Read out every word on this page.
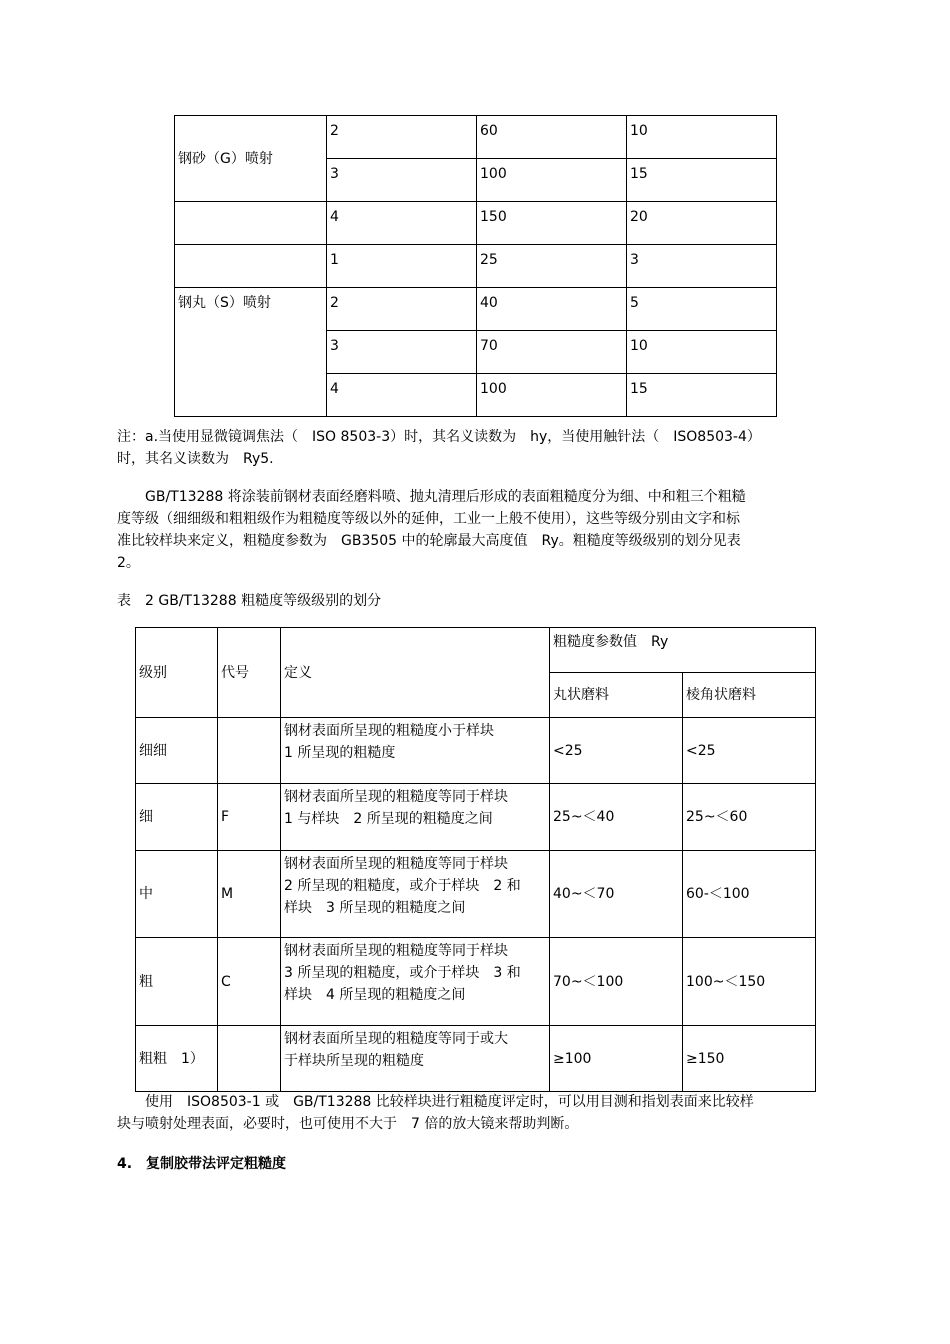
钢砂（G）喷射	2	60	10
	3	100	15
	4	150	20
	1	25	3
钢丸（S）喷射	2	40	5
	3	70	10
	4	100	15
注：a.当使用显微镜调焦法（　ISO 8503-3）时，其名义读数为　hy，当使用触针法（　ISO8503-4）
时，其名义读数为　Ry5.
　　GB/T13288 将涂装前钢材表面经磨料喷、抛丸清理后形成的表面粗糙度分为细、中和粗三个粗糙
度等级（细细级和粗粗级作为粗糙度等级以外的延伸，工业一上般不使用），这些等级分别由文字和标
准比较样块来定义，粗糙度参数为　GB3505 中的轮廓最大高度值　Ry。粗糙度等级级别的划分见表
2。
表　2 GB/T13288 粗糙度等级级别的划分
级别	代号	定义	粗糙度参数值　Ry	
			丸状磨料	棱角状磨料
细细		钢材表面所呈现的粗糙度小于样块
1 所呈现的粗糙度	<25	<25
细	F	钢材表面所呈现的粗糙度等同于样块
1 与样块　2 所呈现的粗糙度之间	25~＜40	25~＜60
中	M	钢材表面所呈现的粗糙度等同于样块
2 所呈现的粗糙度，或介于样块　2 和
样块　3 所呈现的粗糙度之间	40~＜70	60-＜100
粗	C	钢材表面所呈现的粗糙度等同于样块
3 所呈现的粗糙度，或介于样块　3 和
样块　4 所呈现的粗糙度之间	70~＜100	100~＜150
粗粗　1）		钢材表面所呈现的粗糙度等同于或大
于样块所呈现的粗糙度	≥100	≥150
　　使用　ISO8503-1 或　GB/T13288 比较样块进行粗糙度评定时，可以用目测和指划表面来比较样
块与喷射处理表面，必要时，也可使用不大于　7 倍的放大镜来帮助判断。
4.　复制胶带法评定粗糙度
